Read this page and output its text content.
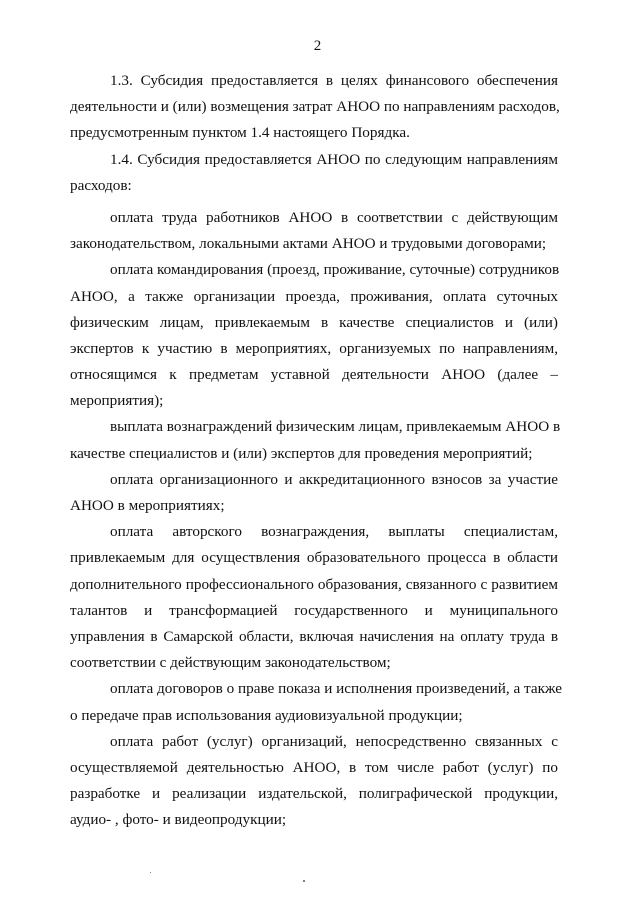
2
1.3. Субсидия предоставляется в целях финансового обеспечения
деятельности и (или) возмещения затрат АНОО по направлениям расходов,
предусмотренным пунктом 1.4 настоящего Порядка.
1.4. Субсидия предоставляется АНОО по следующим направлениям
расходов:
оплата труда работников АНОО в соответствии с действующим
законодательством, локальными актами АНОО и трудовыми договорами;
оплата командирования (проезд, проживание, суточные) сотрудников
АНОО, а также организации проезда, проживания, оплата суточных
физическим лицам, привлекаемым в качестве специалистов и (или)
экспертов к участию в мероприятиях, организуемых по направлениям,
относящимся к предметам уставной деятельности АНОО (далее –
мероприятия);
выплата вознаграждений физическим лицам, привлекаемым АНОО в
качестве специалистов и (или) экспертов для проведения мероприятий;
оплата организационного и аккредитационного взносов за участие
АНОО в мероприятиях;
оплата авторского вознаграждения, выплаты специалистам,
привлекаемым для осуществления образовательного процесса в области
дополнительного профессионального образования, связанного с развитием
талантов и трансформацией государственного и муниципального
управления в Самарской области, включая начисления на оплату труда в
соответствии с действующим законодательством;
оплата договоров о праве показа и исполнения произведений, а также
о передаче прав использования аудиовизуальной продукции;
оплата работ (услуг) организаций, непосредственно связанных с
осуществляемой деятельностью АНОО, в том числе работ (услуг) по
разработке и реализации издательской, полиграфической продукции,
аудио- , фото- и видеопродукции;
